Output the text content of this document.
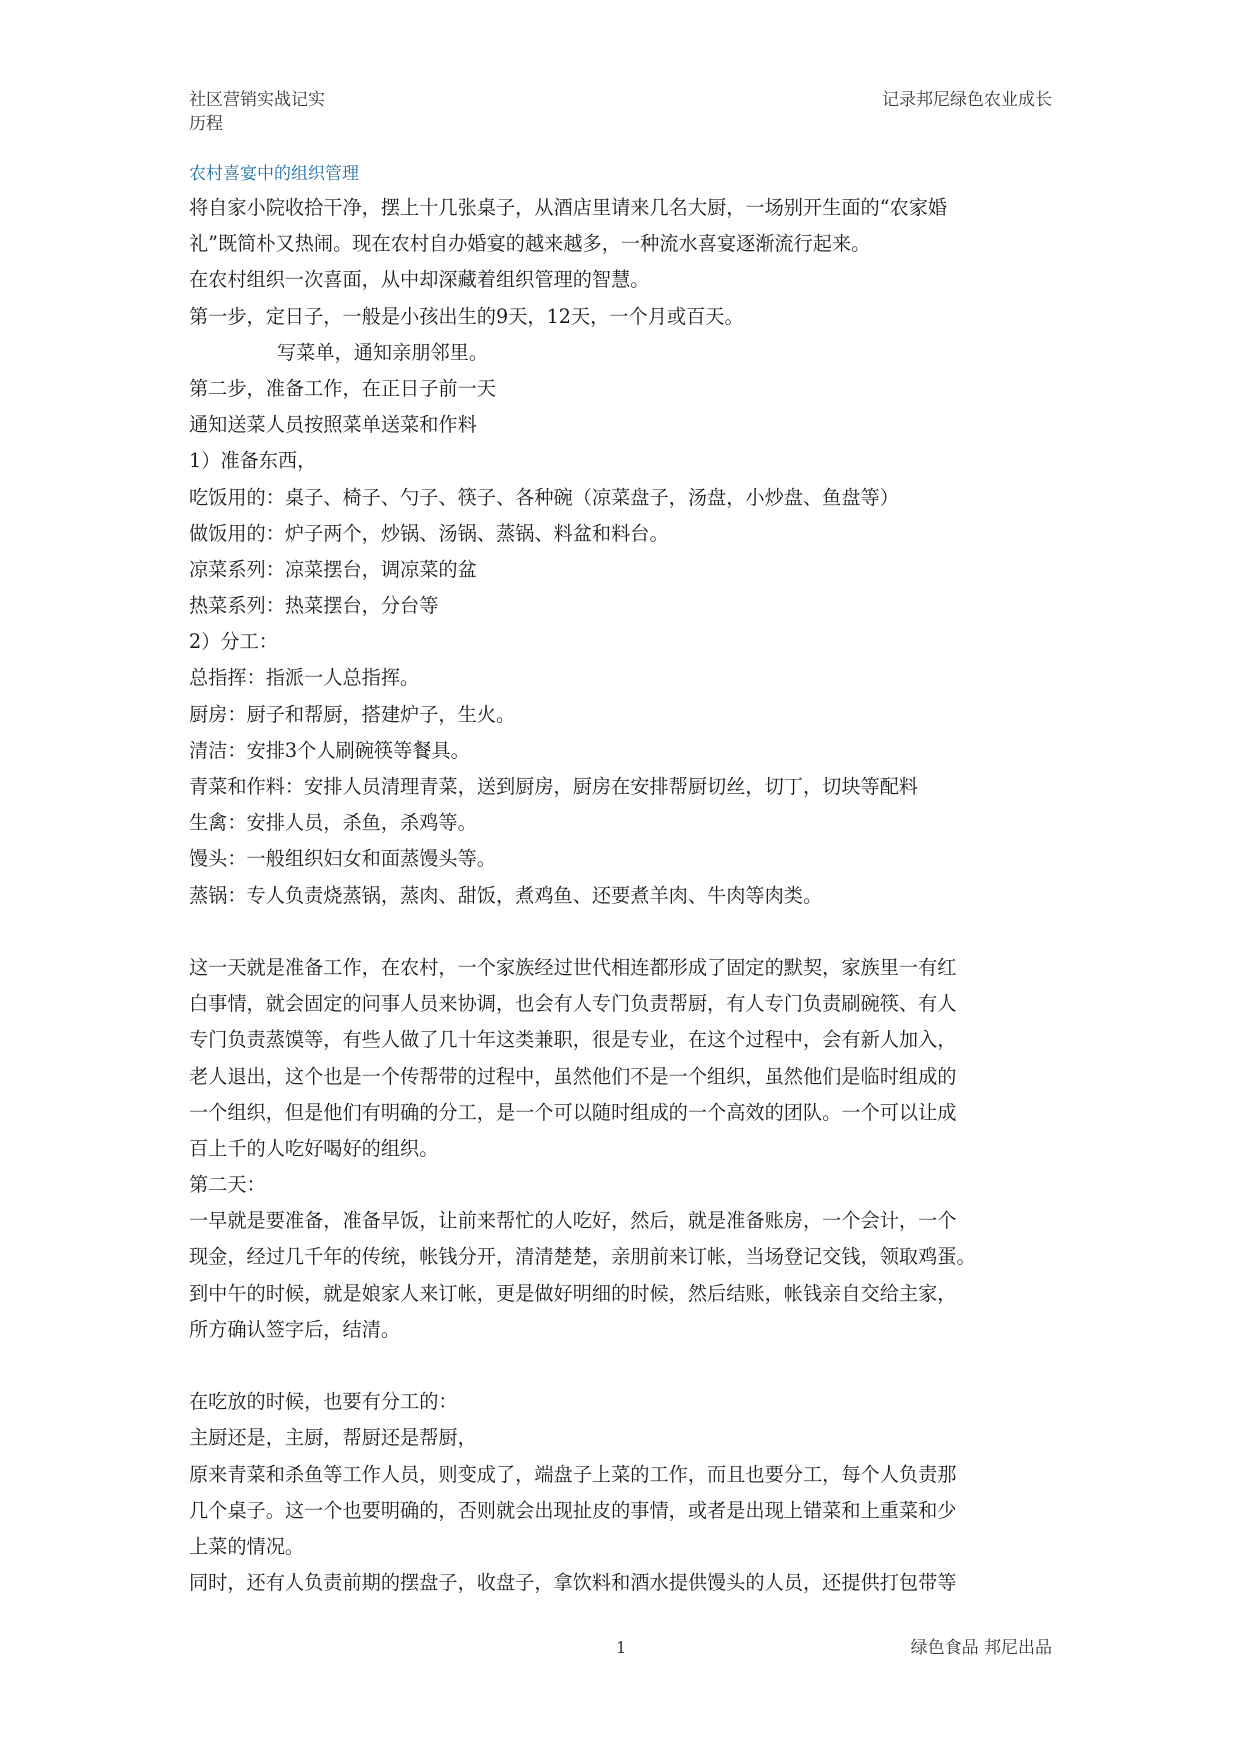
社区营销实战记实
历程
记录邦尼绿色农业成长
农村喜宴中的组织管理
将自家小院收拾干净，摆上十几张桌子，从酒店里请来几名大厨，一场别开生面的“农家婚
礼”既简朴又热闹。现在农村自办婚宴的越来越多，一种流水喜宴逐渐流行起来。
在农村组织一次喜面，从中却深藏着组织管理的智慧。
第一步，定日子，一般是小孩出生的9天，12天，一个月或百天。
写菜单，通知亲朋邻里。
第二步，准备工作，在正日子前一天
通知送菜人员按照菜单送菜和作料
1）准备东西，
吃饭用的：桌子、椅子、勺子、筷子、各种碗（凉菜盘子，汤盘，小炒盘、鱼盘等）
做饭用的：炉子两个，炒锅、汤锅、蒸锅、料盆和料台。
凉菜系列：凉菜摆台，调凉菜的盆
热菜系列：热菜摆台，分台等
2）分工：
总指挥：指派一人总指挥。
厨房：厨子和帮厨，搭建炉子，生火。
清洁：安排3个人刷碗筷等餐具。
青菜和作料：安排人员清理青菜，送到厨房，厨房在安排帮厨切丝，切丁，切块等配料
生禽：安排人员，杀鱼，杀鸡等。
馒头：一般组织妇女和面蒸馒头等。
蒸锅：专人负责烧蒸锅，蒸肉、甜饭，煮鸡鱼、还要煮羊肉、牛肉等肉类。
这一天就是准备工作，在农村，一个家族经过世代相连都形成了固定的默契，家族里一有红
白事情，就会固定的问事人员来协调，也会有人专门负责帮厨，有人专门负责刷碗筷、有人
专门负责蒸馍等，有些人做了几十年这类兼职，很是专业，在这个过程中，会有新人加入，
老人退出，这个也是一个传帮带的过程中，虽然他们不是一个组织，虽然他们是临时组成的
一个组织，但是他们有明确的分工，是一个可以随时组成的一个高效的团队。一个可以让成
百上千的人吃好喝好的组织。
第二天：
一早就是要准备，准备早饭，让前来帮忙的人吃好，然后，就是准备账房，一个会计，一个
现金，经过几千年的传统，帐钱分开，清清楚楚，亲朋前来订帐，当场登记交钱，领取鸡蛋。
到中午的时候，就是娘家人来订帐，更是做好明细的时候，然后结账，帐钱亲自交给主家，
所方确认签字后，结清。
在吃放的时候，也要有分工的：
主厨还是，主厨，帮厨还是帮厨，
原来青菜和杀鱼等工作人员，则变成了，端盘子上菜的工作，而且也要分工，每个人负责那
几个桌子。这一个也要明确的，否则就会出现扯皮的事情，或者是出现上错菜和上重菜和少
上菜的情况。
同时，还有人负责前期的摆盘子，收盘子，拿饮料和酒水提供馒头的人员，还提供打包带等
1	绿色食品 邦尼出品
